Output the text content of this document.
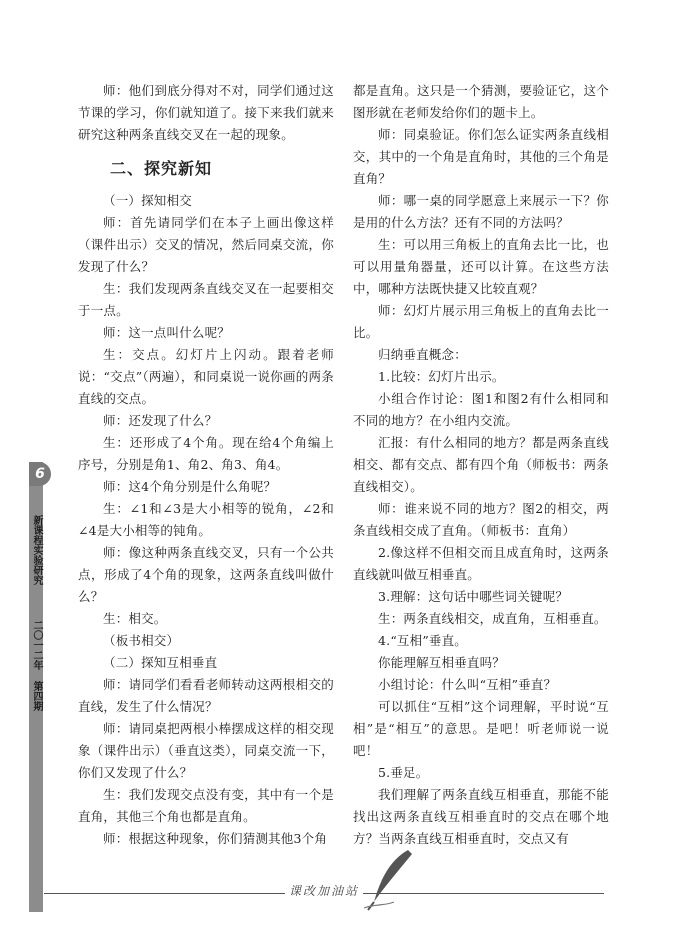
6
新课程实验研究
二〇一二年 第四期

师：他们到底分得对不对，同学们通过这节课的学习，你们就知道了。接下来我们就来研究这种两条直线交叉在一起的现象。

二、探究新知

（一）探知相交

师：首先请同学们在本子上画出像这样（课件出示）交叉的情况，然后同桌交流，你发现了什么？

生：我们发现两条直线交叉在一起要相交于一点。

师：这一点叫什么呢？

生：交点。幻灯片上闪动。跟着老师说：“交点”（两遍），和同桌说一说你画的两条直线的交点。

师：还发现了什么？

生：还形成了4个角。现在给4个角编上序号，分别是角1、角2、角3、角4。

师：这4个角分别是什么角呢？

生：∠1和∠3是大小相等的锐角，∠2和∠4是大小相等的钝角。

师：像这种两条直线交叉，只有一个公共点，形成了4个角的现象，这两条直线叫做什么？

生：相交。

（板书相交）

（二）探知互相垂直

师：请同学们看看老师转动这两根相交的直线，发生了什么情况？

师：请同桌把两根小棒摆成这样的相交现象（课件出示）（垂直这类），同桌交流一下，你们又发现了什么？

生：我们发现交点没有变，其中有一个是直角，其他三个角也都是直角。

师：根据这种现象，你们猜测其他3个角

都是直角。这只是一个猜测，要验证它，这个图形就在老师发给你们的题卡上。

师：同桌验证。你们怎么证实两条直线相交，其中的一个角是直角时，其他的三个角是直角？

师：哪一桌的同学愿意上来展示一下？你是用的什么方法？还有不同的方法吗？

生：可以用三角板上的直角去比一比，也可以用量角器量，还可以计算。在这些方法中，哪种方法既快捷又比较直观？

师：幻灯片展示用三角板上的直角去比一比。

归纳垂直概念：

1.比较：幻灯片出示。

小组合作讨论：图1和图2有什么相同和不同的地方？在小组内交流。

汇报：有什么相同的地方？都是两条直线相交、都有交点、都有四个角（师板书：两条直线相交）。

师：谁来说不同的地方？图2的相交，两条直线相交成了直角。（师板书：直角）

2.像这样不但相交而且成直角时，这两条直线就叫做互相垂直。

3.理解：这句话中哪些词关键呢？

生：两条直线相交，成直角，互相垂直。

4.“互相”垂直。

你能理解互相垂直吗？

小组讨论：什么叫“互相”垂直？

可以抓住“互相”这个词理解，平时说“互相”是“相互”的意思。是吧！听老师说一说吧！

5.垂足。

我们理解了两条直线互相垂直，那能不能找出这两条直线互相垂直时的交点在哪个地方？当两条直线互相垂直时，交点又有

课改加油站
